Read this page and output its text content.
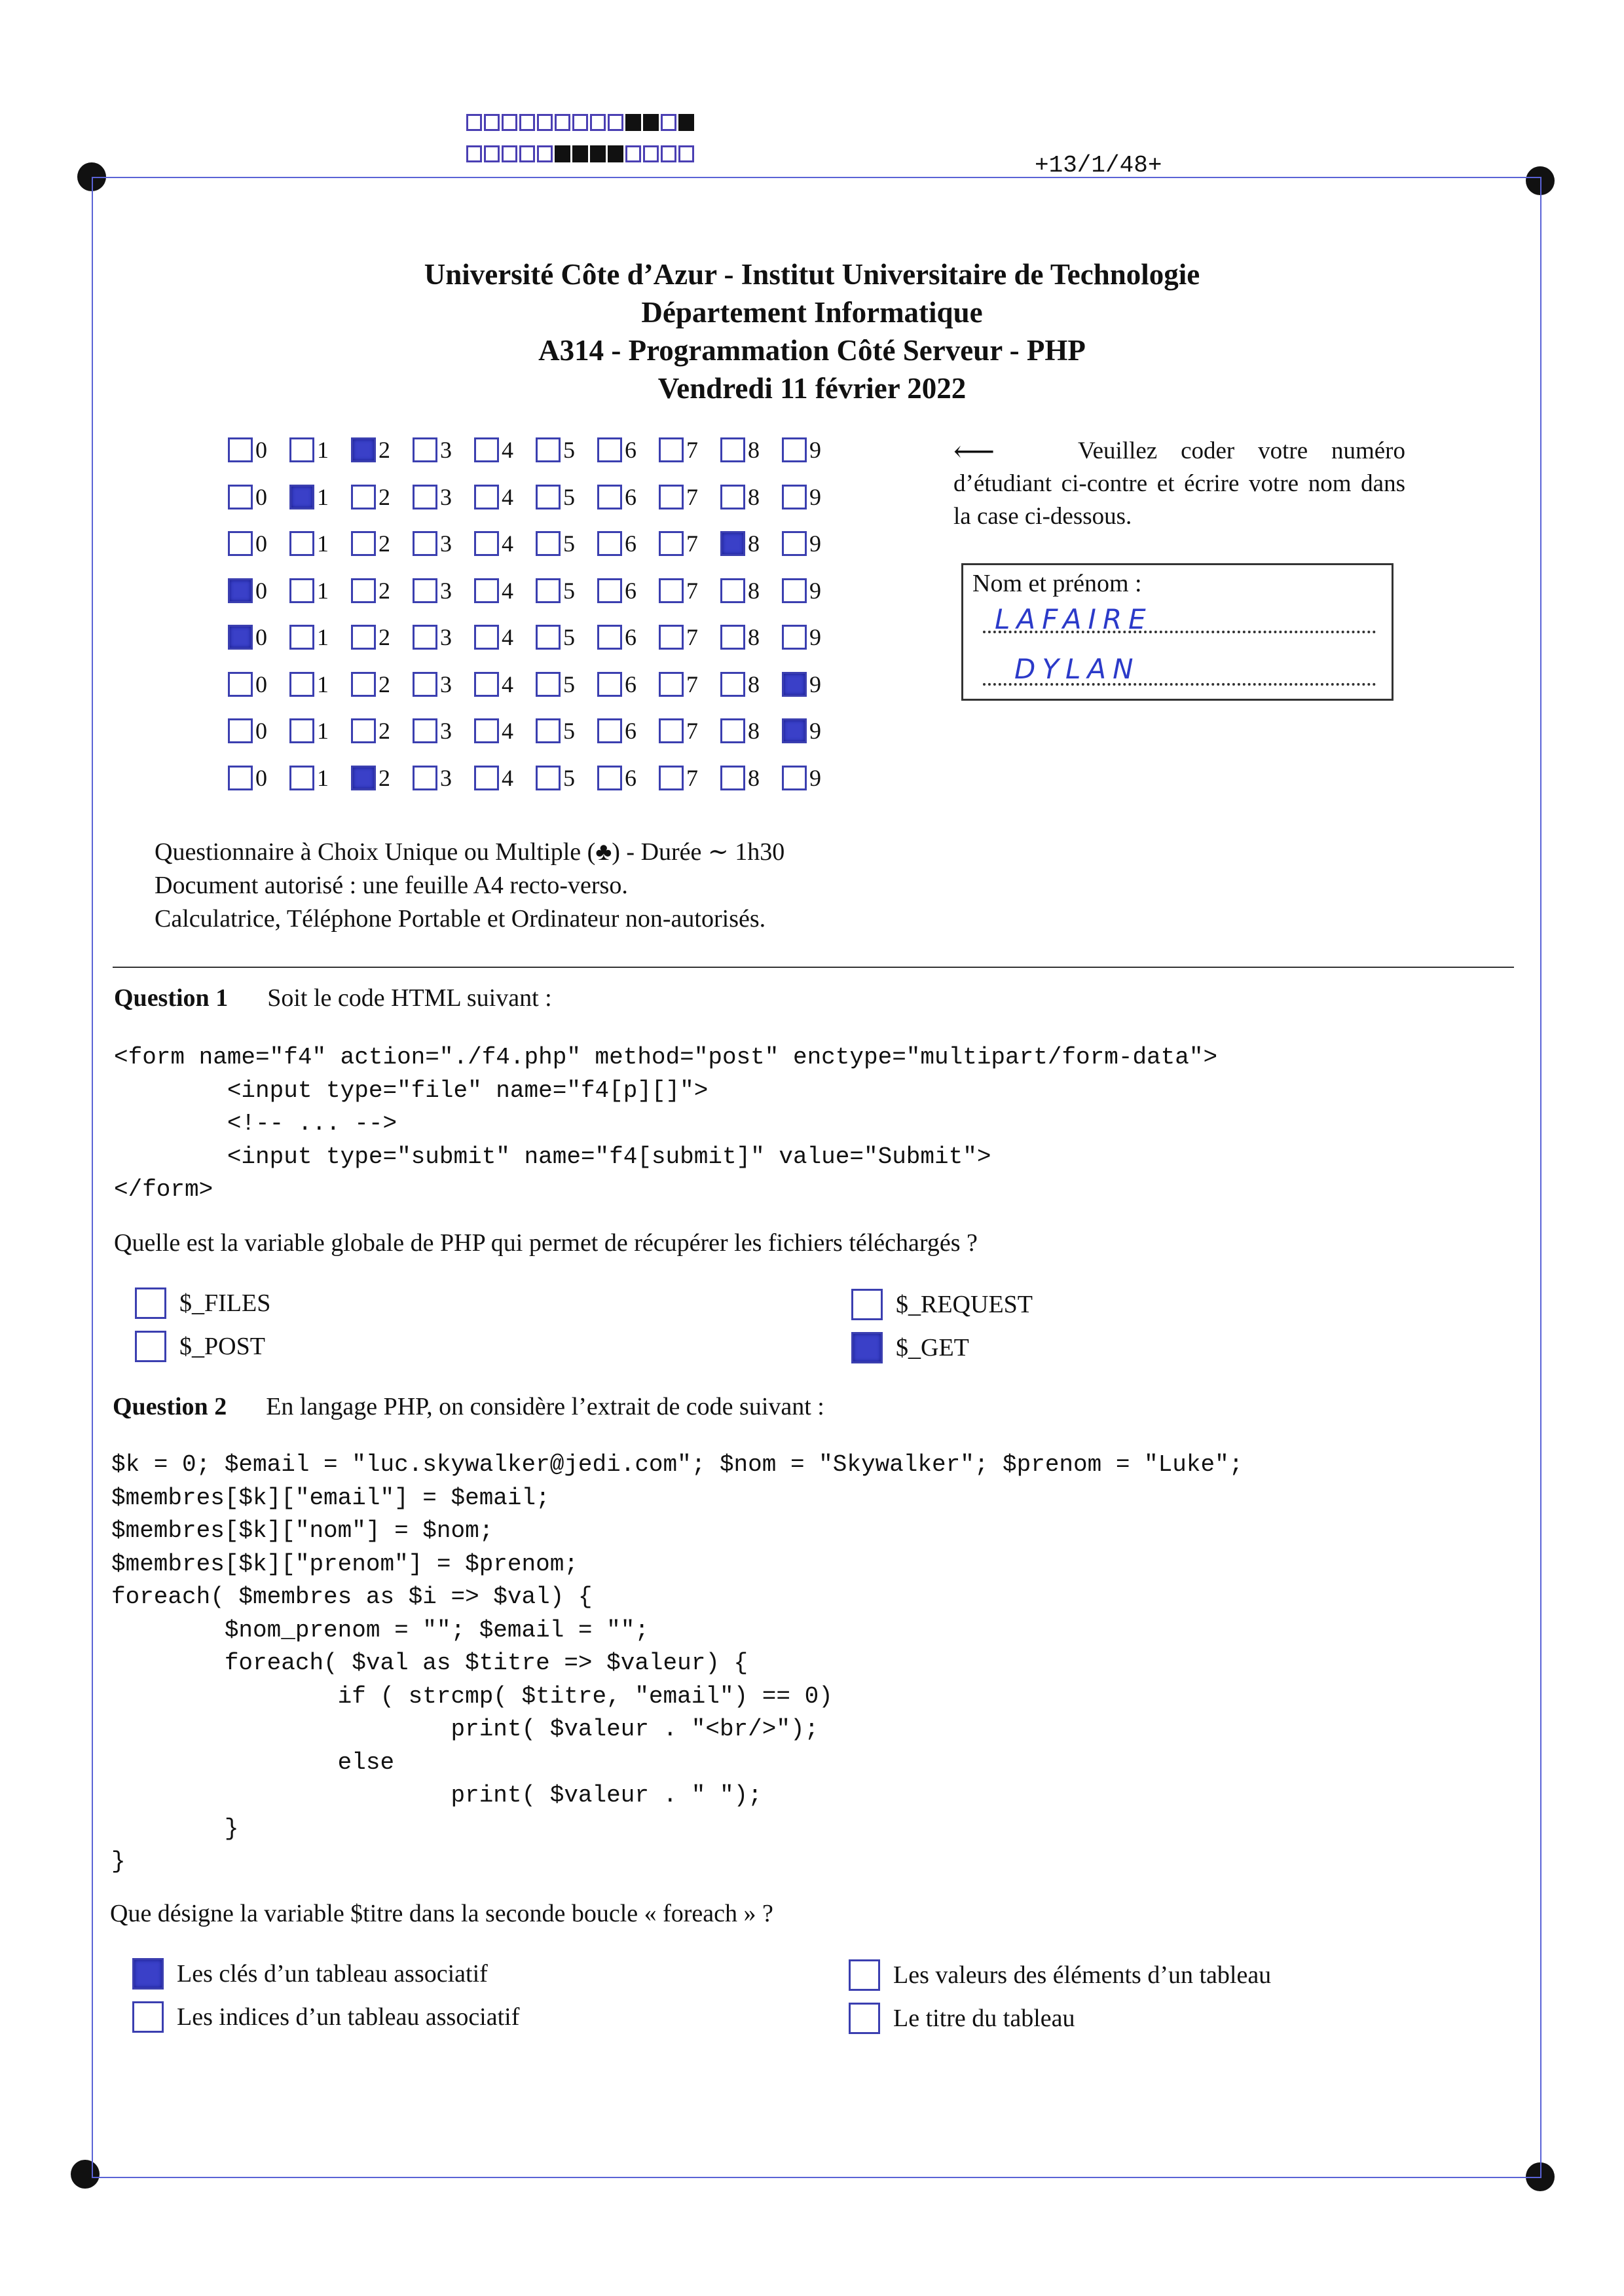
+13/1/48+
Université Côte d’Azur - Institut Universitaire de Technologie
Département Informatique
A314 - Programmation Côté Serveur - PHP
Vendredi 11 février 2022
0 1 2 3 4 5 6 7 8 9
0 1 2 3 4 5 6 7 8 9
0 1 2 3 4 5 6 7 8 9
0 1 2 3 4 5 6 7 8 9
0 1 2 3 4 5 6 7 8 9
0 1 2 3 4 5 6 7 8 9
0 1 2 3 4 5 6 7 8 9
0 1 2 3 4 5 6 7 8 9
⟵	Veuillez coder votre numéro d’étudiant ci-contre et écrire votre nom dans la case ci-dessous.
Nom et prénom :
LAFAIRE
DYLAN
Questionnaire à Choix Unique ou Multiple (♣) - Durée ∼ 1h30
Document autorisé : une feuille A4 recto-verso.
Calculatrice, Téléphone Portable et Ordinateur non-autorisés.
Question 1 Soit le code HTML suivant :
<form name="f4" action="./f4.php" method="post" enctype="multipart/form-data">
<input type="file" name="f4[p][]">
<!-- ... -->
<input type="submit" name="f4[submit]" value="Submit">
</form>
Quelle est la variable globale de PHP qui permet de récupérer les fichiers téléchargés ?
$_FILES
$_POST
$_REQUEST
$_GET
Question 2 En langage PHP, on considère l’extrait de code suivant :
$k = 0; $email = "luc.skywalker@jedi.com"; $nom = "Skywalker"; $prenom = "Luke";
$membres[$k]["email"] = $email;
$membres[$k]["nom"] = $nom;
$membres[$k]["prenom"] = $prenom;
foreach( $membres as $i => $val) {
$nom_prenom = ""; $email = "";
foreach( $val as $titre => $valeur) {
if ( strcmp( $titre, "email") == 0)
print( $valeur . "<br/>");
else
print( $valeur . " ");
}
}
Que désigne la variable $titre dans la seconde boucle « foreach » ?
Les clés d’un tableau associatif
Les indices d’un tableau associatif
Les valeurs des éléments d’un tableau
Le titre du tableau
